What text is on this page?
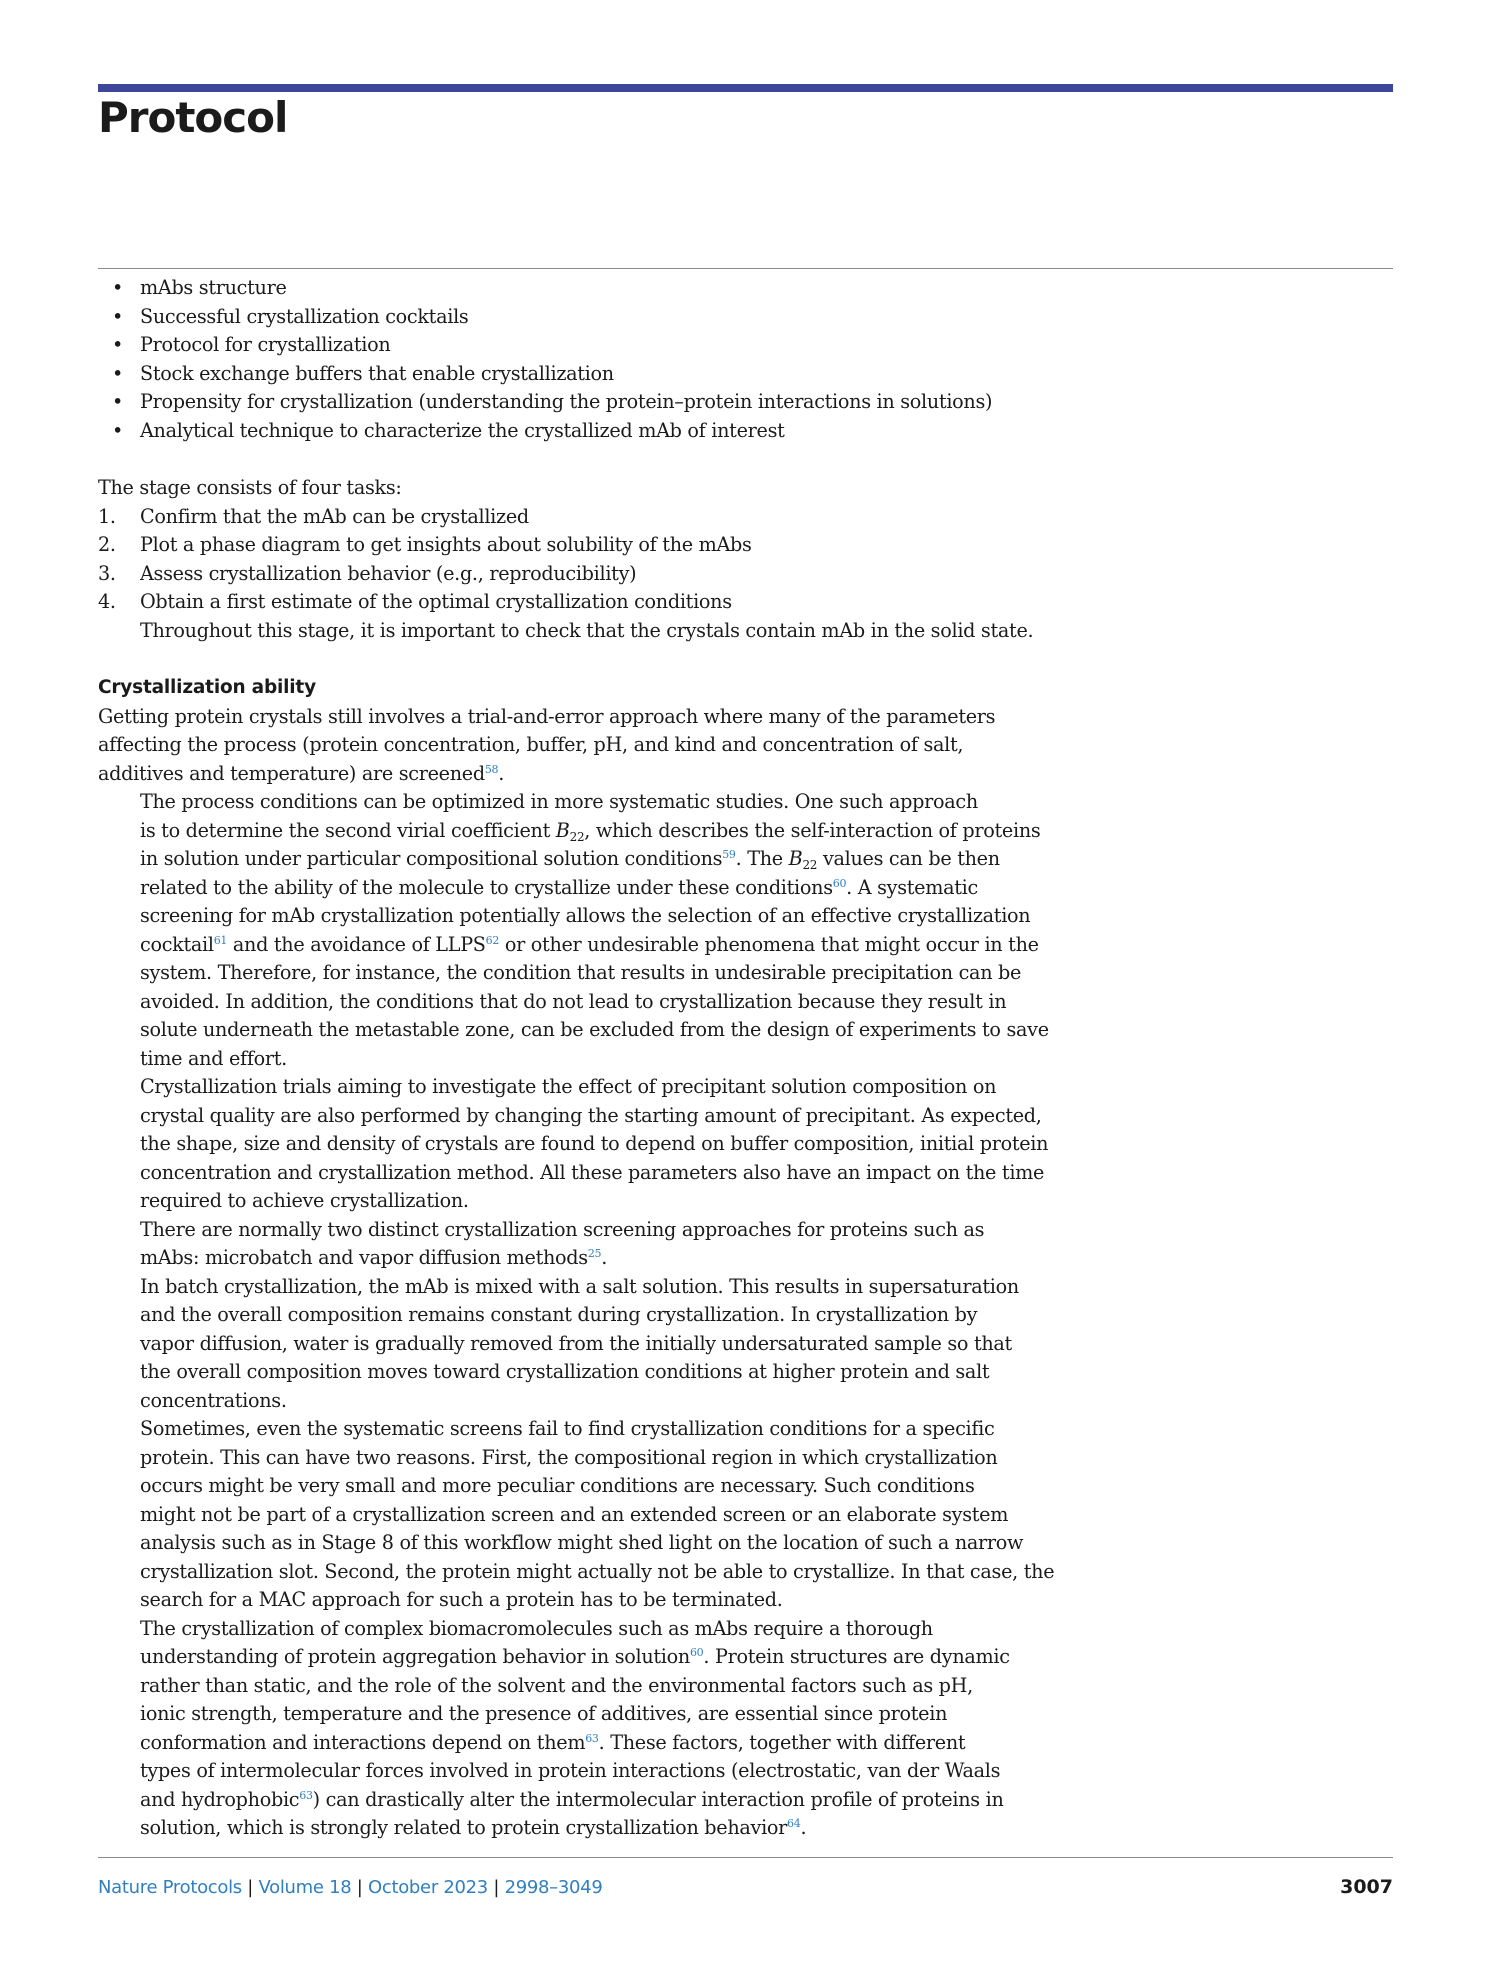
Protocol
• mAbs structure
• Successful crystallization cocktails
• Protocol for crystallization
• Stock exchange buffers that enable crystallization
• Propensity for crystallization (understanding the protein–protein interactions in solutions)
• Analytical technique to characterize the crystallized mAb of interest

The stage consists of four tasks:

1. Confirm that the mAb can be crystallized
2. Plot a phase diagram to get insights about solubility of the mAbs
3. Assess crystallization behavior (e.g., reproducibility)
4. Obtain a first estimate of the optimal crystallization conditions
Throughout this stage, it is important to check that the crystals contain mAb in the solid state.
Crystallization ability

Getting protein crystals still involves a trial-and-error approach where many of the parameters
affecting the process (protein concentration, buffer, pH, and kind and concentration of salt,
additives and temperature) are screened$^{58}$.

The process conditions can be optimized in more systematic studies. One such approach
is to determine the second virial coefficient $B_{22}$, which describes the self-interaction of proteins
in solution under particular compositional solution conditions$^{59}$. The $B_{22}$ values can be then
related to the ability of the molecule to crystallize under these conditions$^{60}$. A systematic
screening for mAb crystallization potentially allows the selection of an effective crystallization
cocktail$^{61}$ and the avoidance of LLPS$^{62}$ or other undesirable phenomena that might occur in the
system. Therefore, for instance, the condition that results in undesirable precipitation can be
avoided. In addition, the conditions that do not lead to crystallization because they result in
solute underneath the metastable zone, can be excluded from the design of experiments to save
time and effort.

Crystallization trials aiming to investigate the effect of precipitant solution composition on
crystal quality are also performed by changing the starting amount of precipitant. As expected,
the shape, size and density of crystals are found to depend on buffer composition, initial protein
concentration and crystallization method. All these parameters also have an impact on the time
required to achieve crystallization.

There are normally two distinct crystallization screening approaches for proteins such as
mAbs: microbatch and vapor diffusion methods$^{25}$.

In batch crystallization, the mAb is mixed with a salt solution. This results in supersaturation
and the overall composition remains constant during crystallization. In crystallization by
vapor diffusion, water is gradually removed from the initially undersaturated sample so that
the overall composition moves toward crystallization conditions at higher protein and salt
concentrations.

Sometimes, even the systematic screens fail to find crystallization conditions for a specific
protein. This can have two reasons. First, the compositional region in which crystallization
occurs might be very small and more peculiar conditions are necessary. Such conditions
might not be part of a crystallization screen and an extended screen or an elaborate system
analysis such as in Stage 8 of this workflow might shed light on the location of such a narrow
crystallization slot. Second, the protein might actually not be able to crystallize. In that case, the
search for a MAC approach for such a protein has to be terminated.

The crystallization of complex biomacromolecules such as mAbs require a thorough
understanding of protein aggregation behavior in solution$^{60}$. Protein structures are dynamic
rather than static, and the role of the solvent and the environmental factors such as pH,
ionic strength, temperature and the presence of additives, are essential since protein
conformation and interactions depend on them$^{63}$. These factors, together with different
types of intermolecular forces involved in protein interactions (electrostatic, van der Waals
and hydrophobic$^{63}$) can drastically alter the intermolecular interaction profile of proteins in
solution, which is strongly related to protein crystallization behavior$^{64}$.

Nature Protocols | Volume 18 | October 2023 | 2998–3049	3007
